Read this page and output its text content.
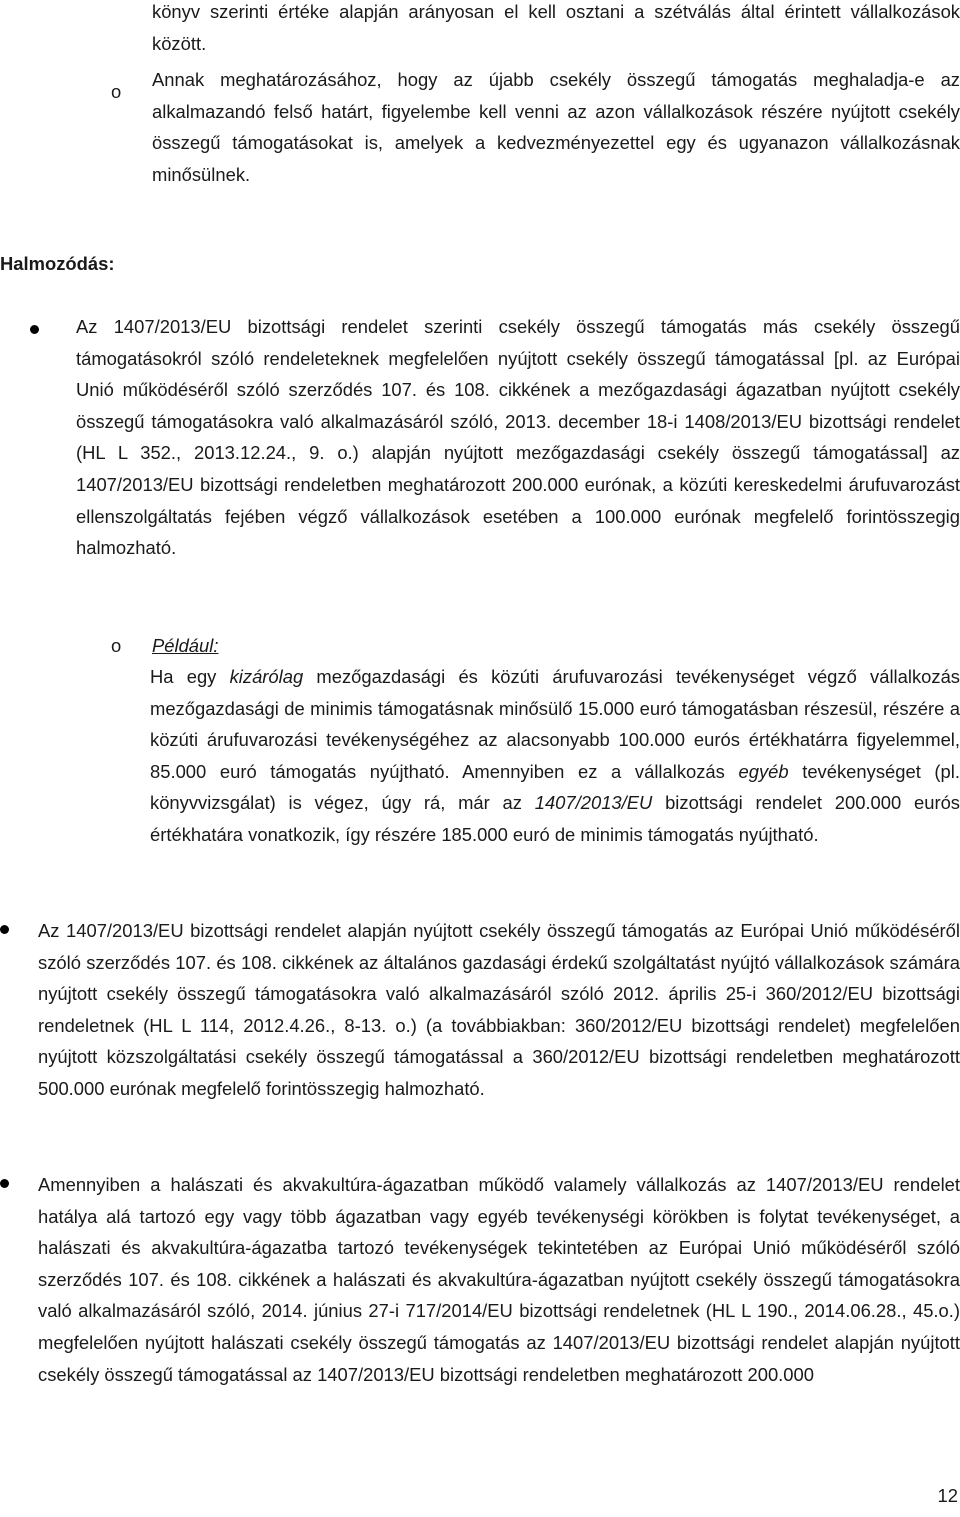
könyv szerinti értéke alapján arányosan el kell osztani a szétválás által érintett vállalkozások között.

o

Annak meghatározásához, hogy az újabb csekély összegű támogatás meghaladja-e az alkalmazandó felső határt, figyelembe kell venni az azon vállalkozások részére nyújtott csekély összegű támogatásokat is, amelyek a kedvezményezettel egy és ugyanazon vállalkozásnak minősülnek.

Halmozódás:

Az 1407/2013/EU bizottsági rendelet szerinti csekély összegű támogatás más csekély összegű támogatásokról szóló rendeleteknek megfelelően nyújtott csekély összegű támogatással [pl. az Európai Unió működéséről szóló szerződés 107. és 108. cikkének a mezőgazdasági ágazatban nyújtott csekély összegű támogatásokra való alkalmazásáról szóló, 2013. december 18-i 1408/2013/EU bizottsági rendelet (HL L 352., 2013.12.24., 9. o.) alapján nyújtott mezőgazdasági csekély összegű támogatással] az 1407/2013/EU bizottsági rendeletben meghatározott 200.000 eurónak, a közúti kereskedelmi árufuvarozást ellenszolgáltatás fejében végző vállalkozások esetében a 100.000 eurónak megfelelő forintösszegig halmozható.

o Például:

Ha egy kizárólag mezőgazdasági és közúti árufuvarozási tevékenységet végző vállalkozás mezőgazdasági de minimis támogatásnak minősülő 15.000 euró támogatásban részesül, részére a közúti árufuvarozási tevékenységéhez az alacsonyabb 100.000 eurós értékhatárra figyelemmel, 85.000 euró támogatás nyújtható. Amennyiben ez a vállalkozás egyéb tevékenységet (pl. könyvvizsgálat) is végez, úgy rá, már az 1407/2013/EU bizottsági rendelet 200.000 eurós értékhatára vonatkozik, így részére 185.000 euró de minimis támogatás nyújtható.

Az 1407/2013/EU bizottsági rendelet alapján nyújtott csekély összegű támogatás az Európai Unió működéséről szóló szerződés 107. és 108. cikkének az általános gazdasági érdekű szolgáltatást nyújtó vállalkozások számára nyújtott csekély összegű támogatásokra való alkalmazásáról szóló 2012. április 25-i 360/2012/EU bizottsági rendeletnek (HL L 114, 2012.4.26., 8-13. o.) (a továbbiakban: 360/2012/EU bizottsági rendelet) megfelelően nyújtott közszolgáltatási csekély összegű támogatással a 360/2012/EU bizottsági rendeletben meghatározott 500.000 eurónak megfelelő forintösszegig halmozható.

Amennyiben a halászati és akvakultúra-ágazatban működő valamely vállalkozás az 1407/2013/EU rendelet hatálya alá tartozó egy vagy több ágazatban vagy egyéb tevékenységi körökben is folytat tevékenységet, a halászati és akvakultúra-ágazatba tartozó tevékenységek tekintetében az Európai Unió működéséről szóló szerződés 107. és 108. cikkének a halászati és akvakultúra-ágazatban nyújtott csekély összegű támogatásokra való alkalmazásáról szóló, 2014. június 27-i 717/2014/EU bizottsági rendeletnek (HL L 190., 2014.06.28., 45.o.) megfelelően nyújtott halászati csekély összegű támogatás az 1407/2013/EU bizottsági rendelet alapján nyújtott csekély összegű támogatással az 1407/2013/EU bizottsági rendeletben meghatározott 200.000

12
